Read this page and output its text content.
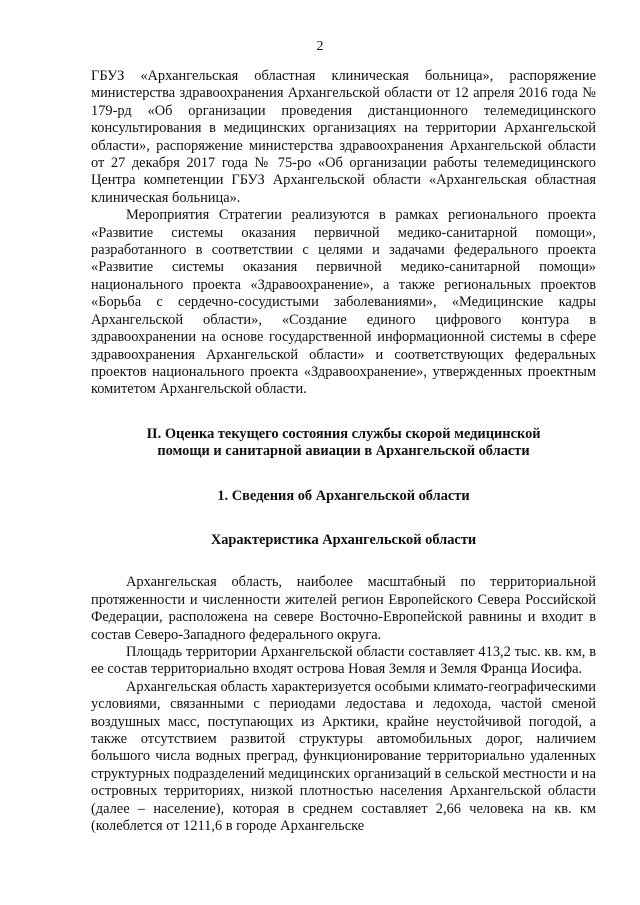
2

ГБУЗ «Архангельская областная клиническая больница», распоряжение министерства здравоохранения Архангельской области от 12 апреля 2016 года № 179-рд «Об организации проведения дистанционного телемедицинского консультирования в медицинских организациях на территории Архангельской области», распоряжение министерства здравоохранения Архангельской области от 27 декабря 2017 года № 75-ро «Об организации работы телемедицинского Центра компетенции ГБУЗ Архангельской области «Архангельская областная клиническая больница».

Мероприятия Стратегии реализуются в рамках регионального проекта «Развитие системы оказания первичной медико-санитарной помощи», разработанного в соответствии с целями и задачами федерального проекта «Развитие системы оказания первичной медико-санитарной помощи» национального проекта «Здравоохранение», а также региональных проектов «Борьба с сердечно-сосудистыми заболеваниями», «Медицинские кадры Архангельской области», «Создание единого цифрового контура в здравоохранении на основе государственной информационной системы в сфере здравоохранения Архангельской области» и соответствующих федеральных проектов национального проекта «Здравоохранение», утвержденных проектным комитетом Архангельской области.

II. Оценка текущего состояния службы скорой медицинской
помощи и санитарной авиации в Архангельской области
1. Сведения об Архангельской области
Характеристика Архангельской области

Архангельская область, наиболее масштабный по территориальной протяженности и численности жителей регион Европейского Севера Российской Федерации, расположена на севере Восточно-Европейской равнины и входит в состав Северо-Западного федерального округа.

Площадь территории Архангельской области составляет 413,2 тыс. кв. км, в ее состав территориально входят острова Новая Земля и Земля Франца Иосифа.

Архангельская область характеризуется особыми климато-географическими условиями, связанными с периодами ледостава и ледохода, частой сменой воздушных масс, поступающих из Арктики, крайне неустойчивой погодой, а также отсутствием развитой структуры автомобильных дорог, наличием большого числа водных преград, функционирование территориально удаленных структурных подразделений медицинских организаций в сельской местности и на островных территориях, низкой плотностью населения Архангельской области (далее – население), которая в среднем составляет 2,66 человека на кв. км (колеблется от 1211,6 в городе Архангельске
